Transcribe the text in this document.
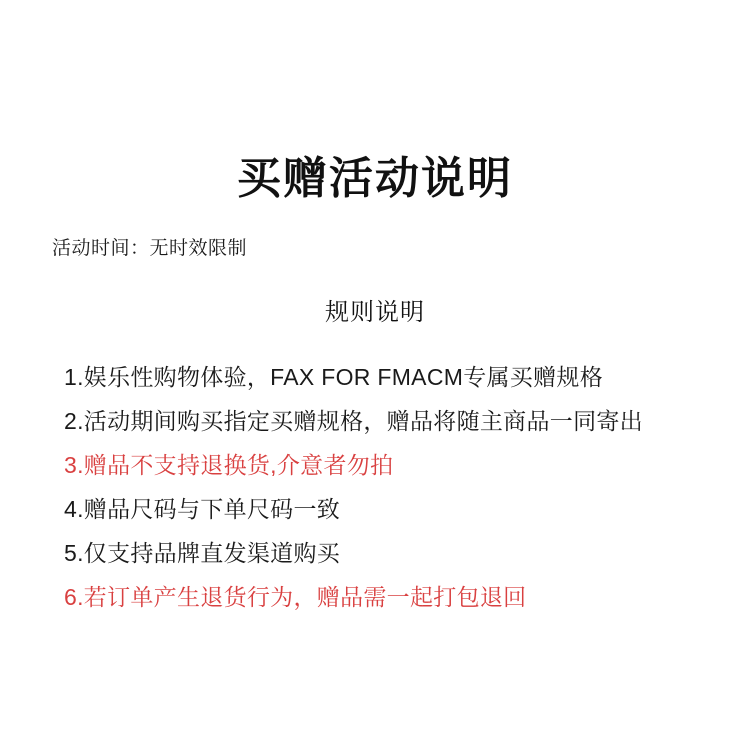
买赠活动说明
活动时间：无时效限制
规则说明
1.娱乐性购物体验，FAX FOR FMACM专属买赠规格
2.活动期间购买指定买赠规格，赠品将随主商品一同寄出
3.赠品不支持退换货,介意者勿拍
4.赠品尺码与下单尺码一致
5.仅支持品牌直发渠道购买
6.若订单产生退货行为，赠品需一起打包退回
